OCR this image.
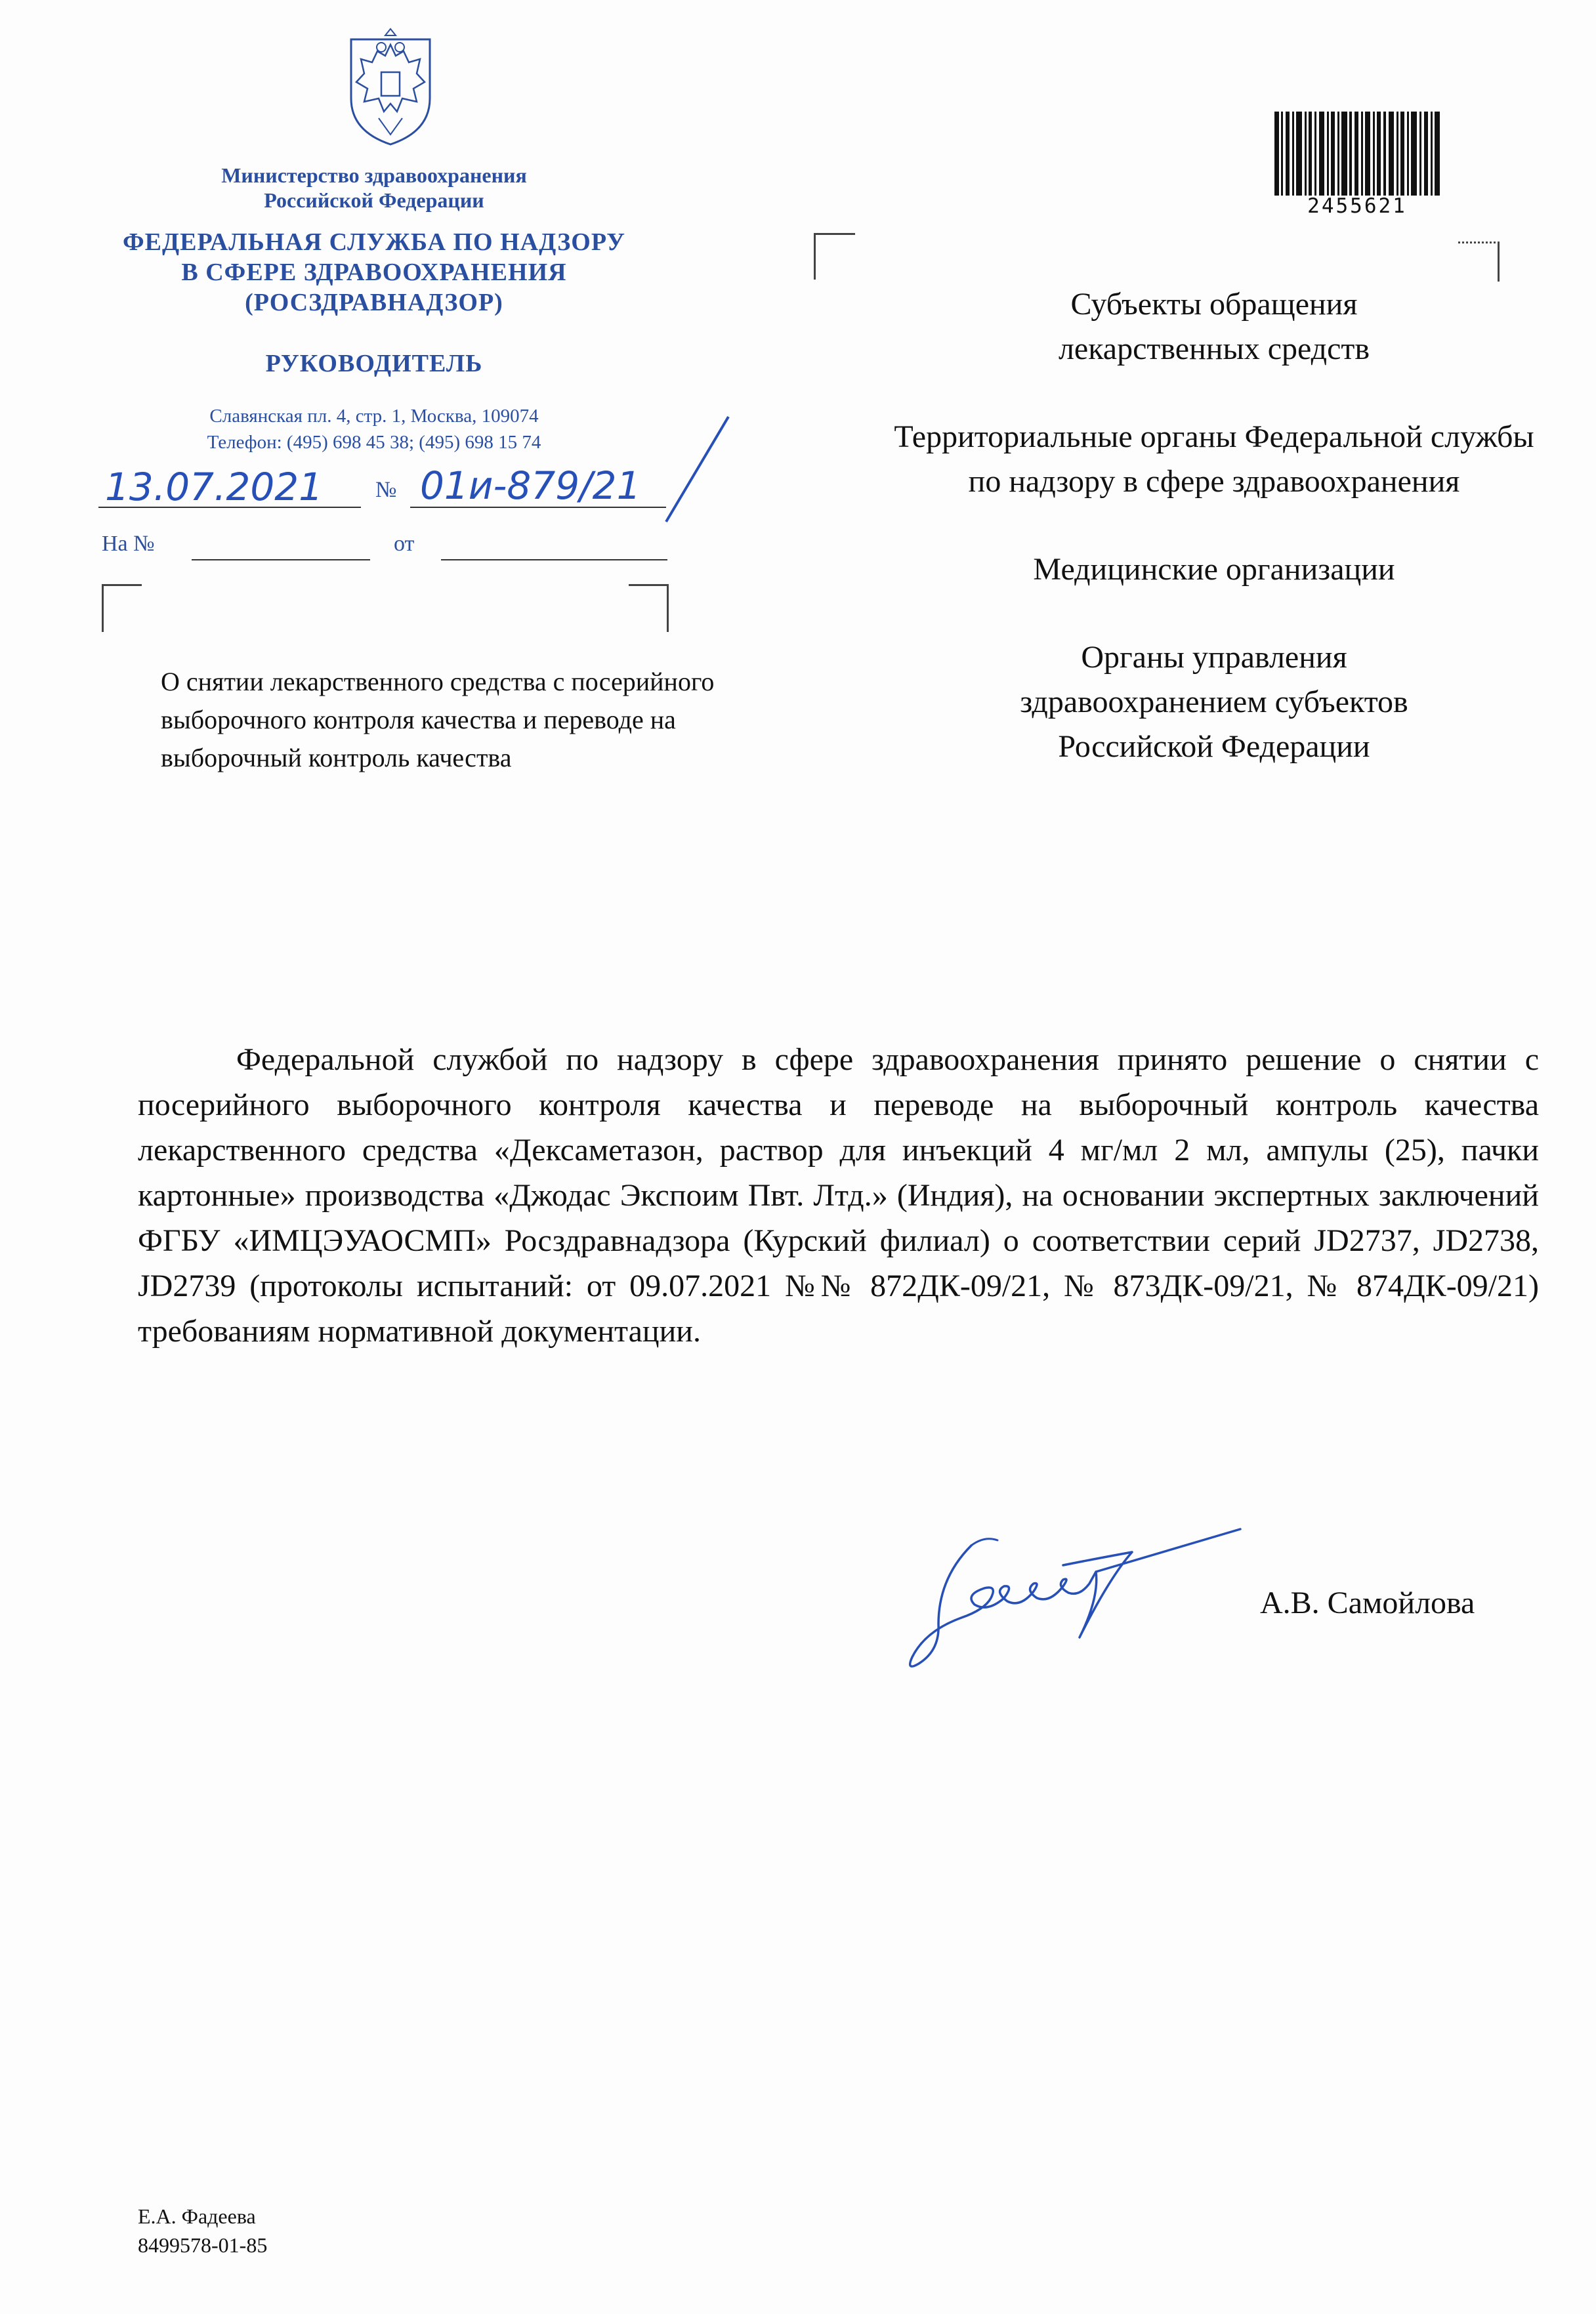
Министерство здравоохранения
Российской Федерации
ФЕДЕРАЛЬНАЯ СЛУЖБА ПО НАДЗОРУ
В СФЕРЕ ЗДРАВООХРАНЕНИЯ
(РОСЗДРАВНАДЗОР)
РУКОВОДИТЕЛЬ
Славянская пл. 4, стр. 1, Москва, 109074
Телефон: (495) 698 45 38; (495) 698 15 74
13.07.2021 № 01и-879/21
На №	от
О снятии лекарственного средства с посерийного выборочного контроля качества и переводе на выборочный контроль качества
2455621
Субъекты обращения лекарственных средств
Территориальные органы Федеральной службы по надзору в сфере здравоохранения
Медицинские организации
Органы управления здравоохранением субъектов Российской Федерации
Федеральной службой по надзору в сфере здравоохранения принято решение о снятии с посерийного выборочного контроля качества и переводе на выборочный контроль качества лекарственного средства «Дексаметазон, раствор для инъекций 4 мг/мл 2 мл, ампулы (25), пачки картонные» производства «Джодас Экспоим Пвт. Лтд.» (Индия), на основании экспертных заключений ФГБУ «ИМЦЭУАОСМП» Росздравнадзора (Курский филиал) о соответствии серий JD2737, JD2738, JD2739 (протоколы испытаний: от 09.07.2021 №№ 872ДК-09/21, № 873ДК-09/21, № 874ДК-09/21) требованиям нормативной документации.
А.В. Самойлова
Е.А. Фадеева
8499578-01-85
